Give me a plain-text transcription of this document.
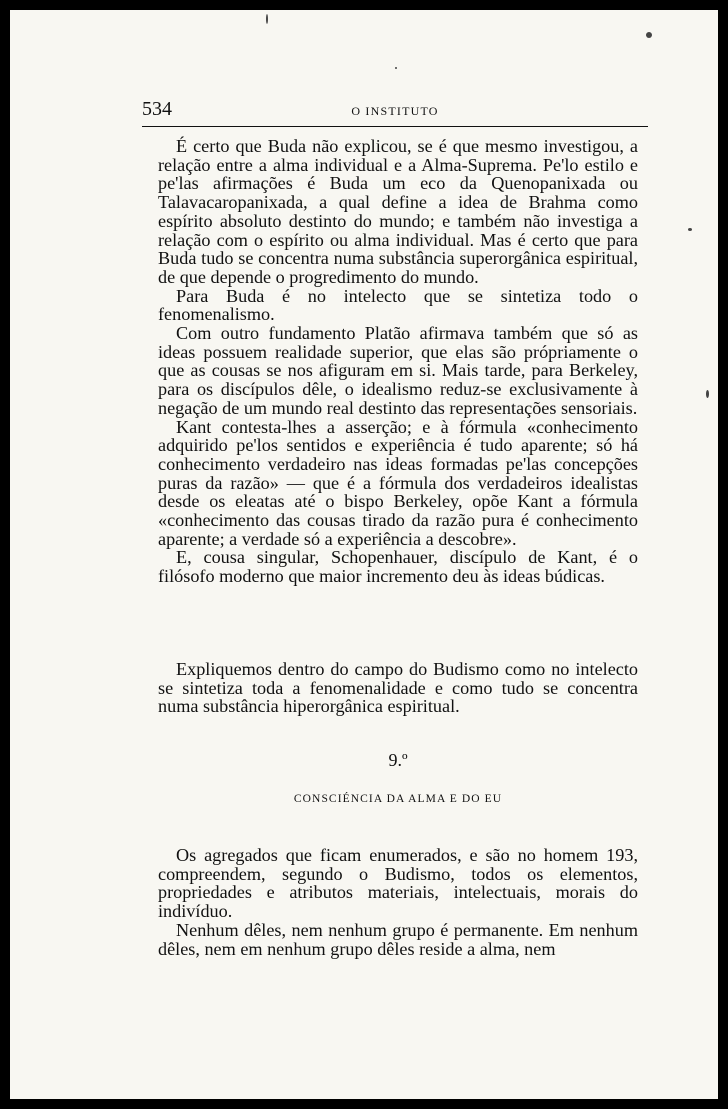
534	O INSTITUTO

É certo que Buda não explicou, se é que mesmo investigou, a relação entre a alma individual e a Alma-Suprema. Pe'lo estilo e pe'las afirmações é Buda um eco da Quenopanixada ou Talavacaropanixada, a qual define a idea de Brahma como espírito absoluto destinto do mundo; e também não investiga a relação com o espírito ou alma individual. Mas é certo que para Buda tudo se concentra numa substância superorgânica espiritual, de que depende o progredimento do mundo.

Para Buda é no intelecto que se sintetiza todo o fenomenalismo.

Com outro fundamento Platão afirmava também que só as ideas possuem realidade superior, que elas são própriamente o que as cousas se nos afiguram em si. Mais tarde, para Berkeley, para os discípulos dêle, o idealismo reduz-se exclusivamente à negação de um mundo real destinto das representações sensoriais.

Kant contesta-lhes a asserção; e à fórmula «conhecimento adquirido pe'los sentidos e experiência é tudo aparente; só há conhecimento verdadeiro nas ideas formadas pe'las concepções puras da razão» — que é a fórmula dos verdadeiros idealistas desde os eleatas até o bispo Berkeley, opõe Kant a fórmula «conhecimento das cousas tirado da razão pura é conhecimento aparente; a verdade só a experiência a descobre».

E, cousa singular, Schopenhauer, discípulo de Kant, é o filósofo moderno que maior incremento deu às ideas búdicas.

Expliquemos dentro do campo do Budismo como no intelecto se sintetiza toda a fenomenalidade e como tudo se concentra numa substância hiperorgânica espiritual.

9.º
CONSCIÉNCIA DA ALMA E DO EU

Os agregados que ficam enumerados, e são no homem 193, compreendem, segundo o Budismo, todos os elementos, propriedades e atributos materiais, intelectuais, morais do indivíduo.

Nenhum dêles, nem nenhum grupo é permanente. Em nenhum dêles, nem em nenhum grupo dêles reside a alma, nem
